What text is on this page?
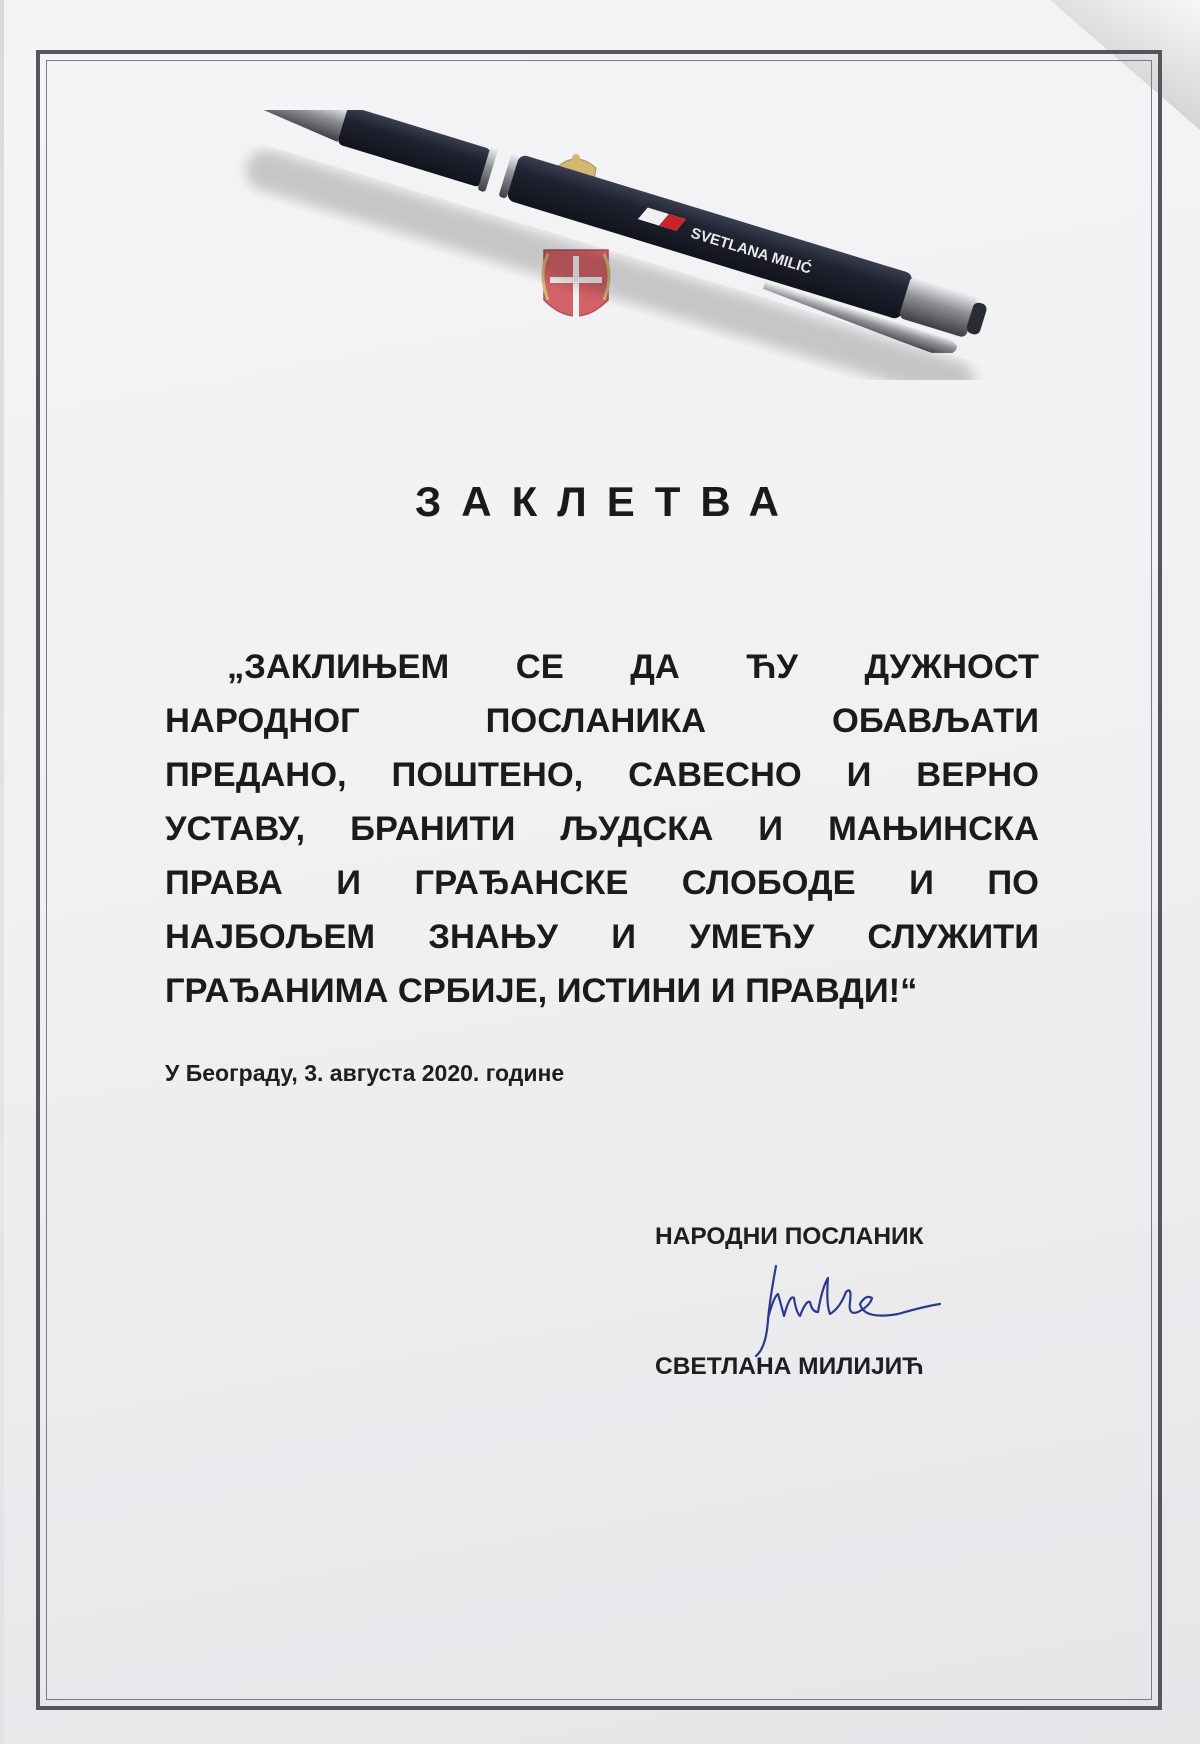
SVETLANA MILIĆ
ЗАКЛЕТВА
„ЗАКЛИЊЕМ СЕ ДА ЋУ ДУЖНОСТ
НАРОДНОГ ПОСЛАНИКА ОБАВЉАТИ
ПРЕДАНО, ПОШТЕНО, САВЕСНО И ВЕРНО
УСТАВУ, БРАНИТИ ЉУДСКА И МАЊИНСКА
ПРАВА И ГРАЂАНСКЕ СЛОБОДЕ И ПО
НАЈБОЉЕМ ЗНАЊУ И УМЕЋУ СЛУЖИТИ
ГРАЂАНИМА СРБИЈЕ, ИСТИНИ И ПРАВДИ!“
У Београду, 3. августа 2020. године
НАРОДНИ ПОСЛАНИК
СВЕТЛАНА МИЛИЈИЋ
